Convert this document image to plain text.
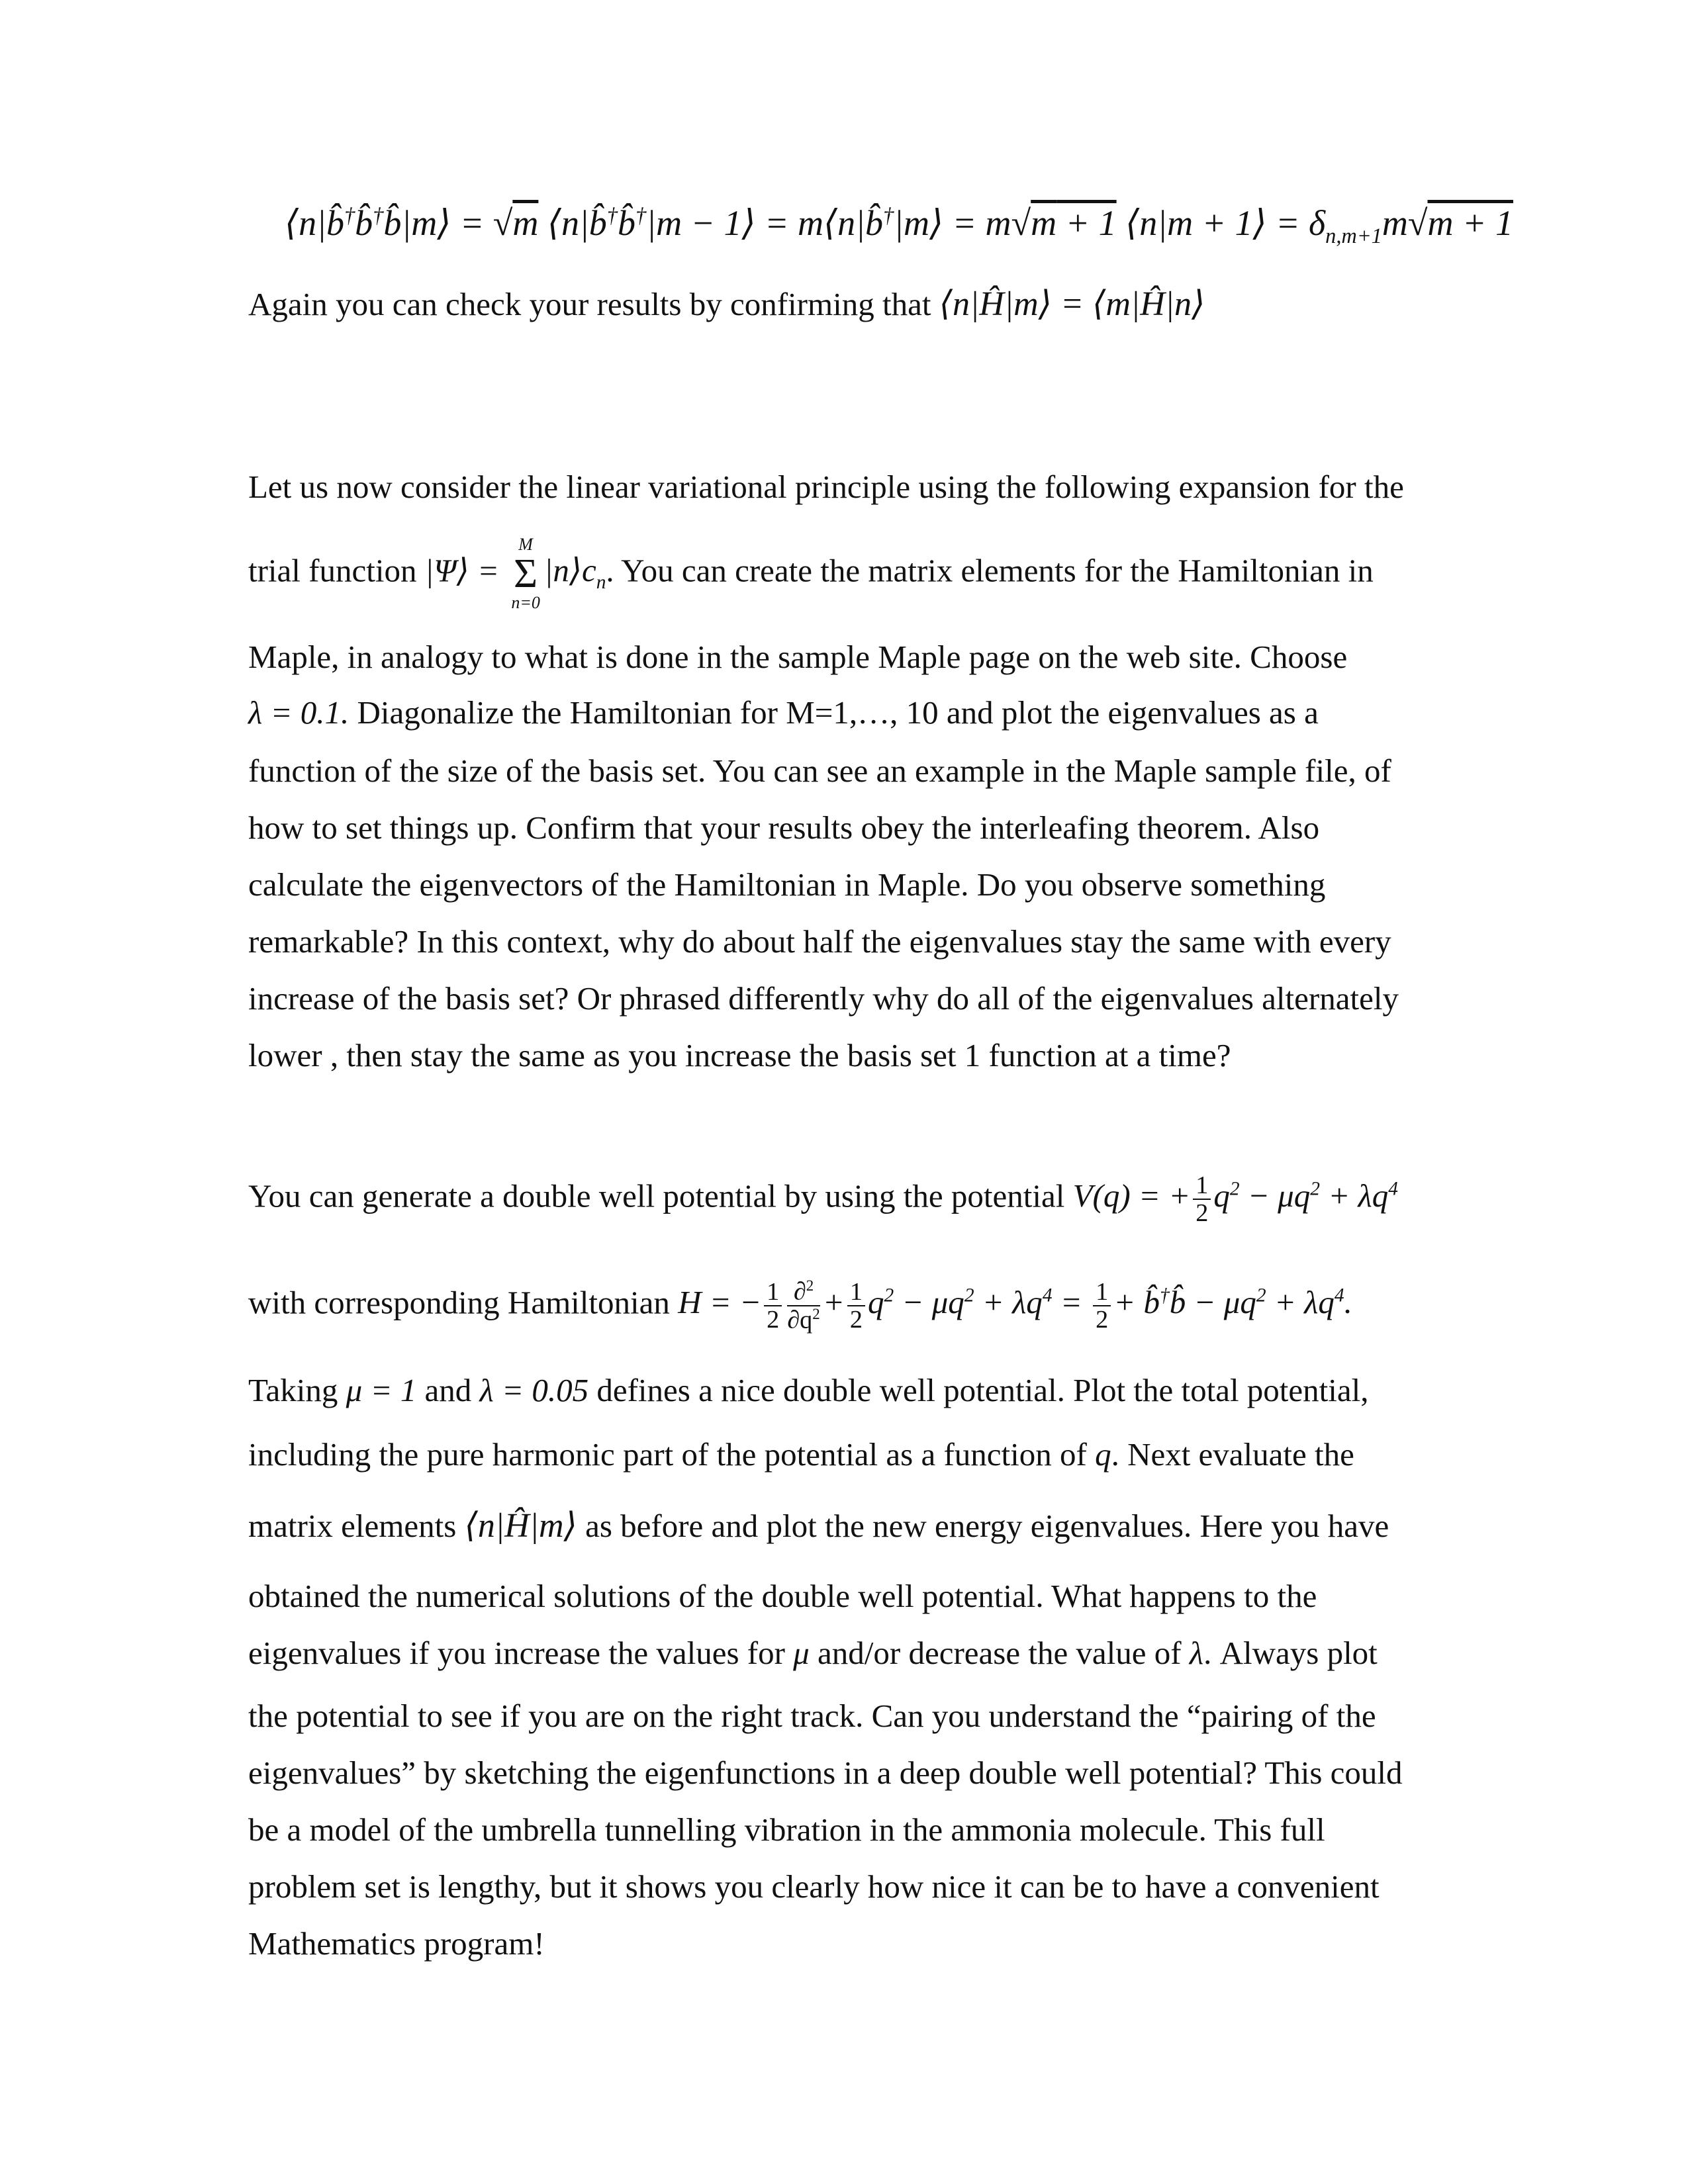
⟨n|b̂†b̂†b̂|m⟩ = √m ⟨n|b̂†b̂†|m − 1⟩ = m⟨n|b̂†|m⟩ = m√m + 1 ⟨n|m + 1⟩ = $\delta_{n,m+1}m√m + 1$
Again you can check your results by confirming that ⟨n|Ĥ|m⟩ = ⟨m|Ĥ|n⟩
Let us now consider the linear variational principle using the following expansion for the
trial function |Ψ⟩ =
M
Σ
n=0
$|n⟩c_n$. You can create the matrix elements for the Hamiltonian in
Maple, in analogy to what is done in the sample Maple page on the web site. Choose
λ = 0.1. Diagonalize the Hamiltonian for M=1,…, 10 and plot the eigenvalues as a
function of the size of the basis set. You can see an example in the Maple sample file, of
how to set things up. Confirm that your results obey the interleafing theorem. Also
calculate the eigenvectors of the Hamiltonian in Maple. Do you observe something
remarkable? In this context, why do about half the eigenvalues stay the same with every
increase of the basis set? Or phrased differently why do all of the eigenvalues alternately
lower , then stay the same as you increase the basis set 1 function at a time?
You can generate a double well potential by using the potential V(q) = + $\frac{1}{2} q^2 - \mu q^2 + \lambda q^4$
with corresponding Hamiltonian H = − $\frac{1}{2} \frac{\partial^2}{\partial q^2} + \frac{1}{2} q^2 - \mu q^2 + \lambda q^4 = \frac{1}{2}$ + b̂†b̂ − $\mu q^2 + \lambda q^4$.
Taking μ = 1 and λ = 0.05 defines a nice double well potential. Plot the total potential,
including the pure harmonic part of the potential as a function of q. Next evaluate the
matrix elements ⟨n|Ĥ|m⟩ as before and plot the new energy eigenvalues. Here you have
obtained the numerical solutions of the double well potential. What happens to the
eigenvalues if you increase the values for μ and/or decrease the value of λ. Always plot
the potential to see if you are on the right track. Can you understand the “pairing of the
eigenvalues” by sketching the eigenfunctions in a deep double well potential? This could
be a model of the umbrella tunnelling vibration in the ammonia molecule. This full
problem set is lengthy, but it shows you clearly how nice it can be to have a convenient
Mathematics program!
